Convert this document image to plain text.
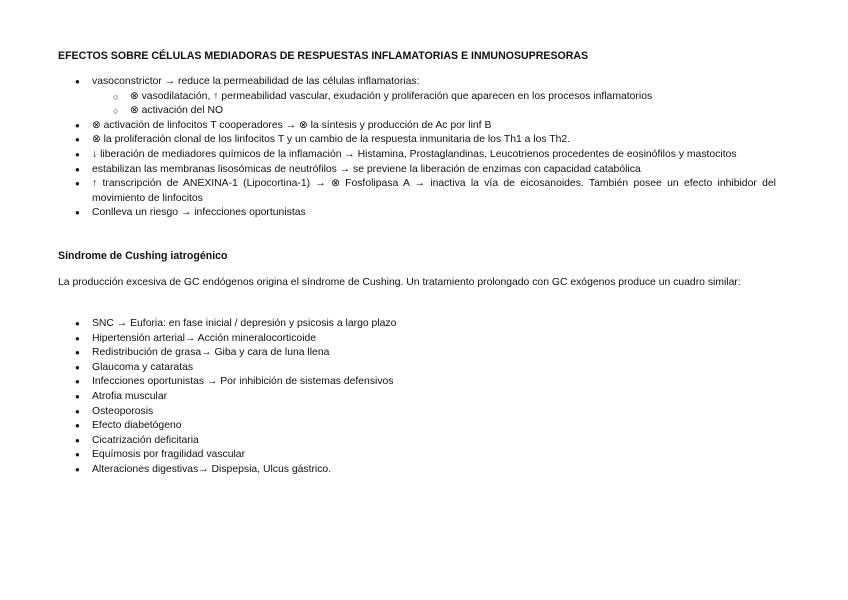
EFECTOS SOBRE CÉLULAS MEDIADORAS DE RESPUESTAS INFLAMATORIAS E INMUNOSUPRESORAS
● vasoconstrictor → reduce la permeabilidad de las células inflamatorias:
○ ⊗ vasodilatación, ↑ permeabilidad vascular, exudación y proliferación que aparecen en los procesos inflamatorios
○ ⊗ activación del NO
● ⊗ activación de linfocitos T cooperadores → ⊗ la síntesis y producción de Ac por linf B
● ⊗ la proliferación clonal de los linfocitos T y un cambio de la respuesta inmunitaria de los Th1 a los Th2.
● ↓ liberación de mediadores químicos de la inflamación → Histamina, Prostaglandinas, Leucotrienos procedentes de eosinófilos y mastocitos
● estabilizan las membranas lisosómicas de neutrófilos → se previene la liberación de enzimas con capacidad catabólica
● ↑ transcripción de ANEXINA-1 (Lipocortina-1) → ⊗ Fosfolipasa A → inactiva la vía de eicosanoides. También posee un efecto inhibidor del movimiento de linfocitos
● Conlleva un riesgo → infecciones oportunistas
Síndrome de Cushing iatrogénico
La producción excesiva de GC endógenos origina el síndrome de Cushing. Un tratamiento prolongado con GC exógenos produce un cuadro similar:
● SNC → Euforia: en fase inicial / depresión y psicosis a largo plazo
● Hipertensión arterial→ Acción mineralocorticoide
● Redistribución de grasa→ Giba y cara de luna llena
● Glaucoma y cataratas
● Infecciones oportunistas → Por inhibición de sistemas defensivos
● Atrofia muscular
● Osteoporosis
● Efecto diabetógeno
● Cicatrización deficitaria
● Equímosis por fragilidad vascular
● Alteraciones digestivas→ Dispepsia, Ulcus gástrico.
